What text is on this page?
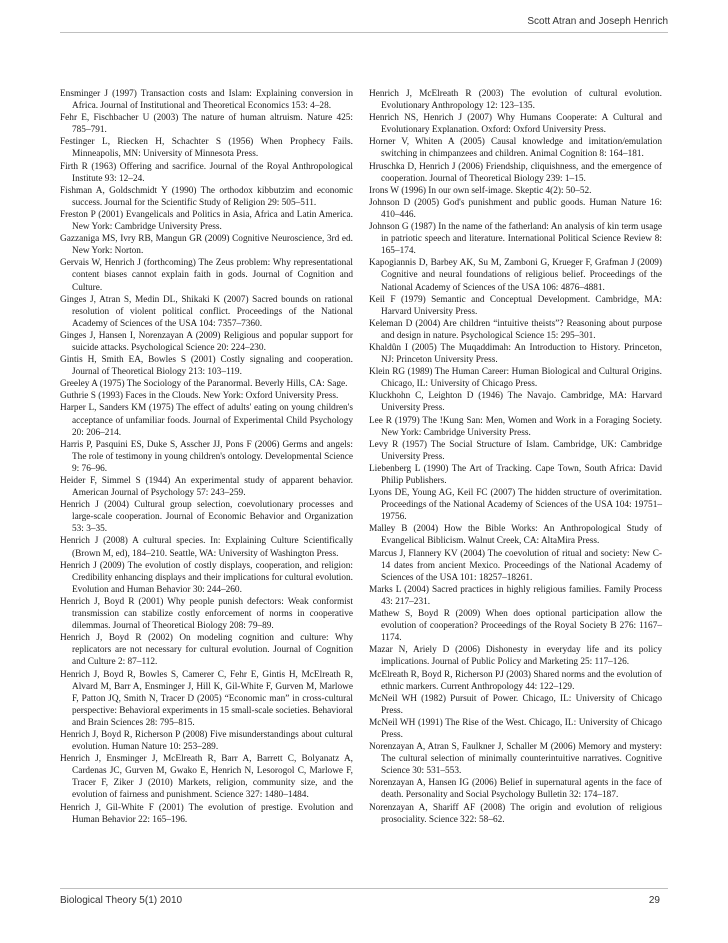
Scott Atran and Joseph Henrich
Ensminger J (1997) Transaction costs and Islam: Explaining conversion in Africa. Journal of Institutional and Theoretical Economics 153: 4–28.
Fehr E, Fischbacher U (2003) The nature of human altruism. Nature 425: 785–791.
Festinger L, Riecken H, Schachter S (1956) When Prophecy Fails. Minneapolis, MN: University of Minnesota Press.
Firth R (1963) Offering and sacrifice. Journal of the Royal Anthropological Institute 93: 12–24.
Fishman A, Goldschmidt Y (1990) The orthodox kibbutzim and economic success. Journal for the Scientific Study of Religion 29: 505–511.
Freston P (2001) Evangelicals and Politics in Asia, Africa and Latin America. New York: Cambridge University Press.
Gazzaniga MS, Ivry RB, Mangun GR (2009) Cognitive Neuroscience, 3rd ed. New York: Norton.
Gervais W, Henrich J (forthcoming) The Zeus problem: Why representational content biases cannot explain faith in gods. Journal of Cognition and Culture.
Ginges J, Atran S, Medin DL, Shikaki K (2007) Sacred bounds on rational resolution of violent political conflict. Proceedings of the National Academy of Sciences of the USA 104: 7357–7360.
Ginges J, Hansen I, Norenzayan A (2009) Religious and popular support for suicide attacks. Psychological Science 20: 224–230.
Gintis H, Smith EA, Bowles S (2001) Costly signaling and cooperation. Journal of Theoretical Biology 213: 103–119.
Greeley A (1975) The Sociology of the Paranormal. Beverly Hills, CA: Sage.
Guthrie S (1993) Faces in the Clouds. New York: Oxford University Press.
Harper L, Sanders KM (1975) The effect of adults' eating on young children's acceptance of unfamiliar foods. Journal of Experimental Child Psychology 20: 206–214.
Harris P, Pasquini ES, Duke S, Asscher JJ, Pons F (2006) Germs and angels: The role of testimony in young children's ontology. Developmental Science 9: 76–96.
Heider F, Simmel S (1944) An experimental study of apparent behavior. American Journal of Psychology 57: 243–259.
Henrich J (2004) Cultural group selection, coevolutionary processes and large-scale cooperation. Journal of Economic Behavior and Organization 53: 3–35.
Henrich J (2008) A cultural species. In: Explaining Culture Scientifically (Brown M, ed), 184–210. Seattle, WA: University of Washington Press.
Henrich J (2009) The evolution of costly displays, cooperation, and religion: Credibility enhancing displays and their implications for cultural evolution. Evolution and Human Behavior 30: 244–260.
Henrich J, Boyd R (2001) Why people punish defectors: Weak conformist transmission can stabilize costly enforcement of norms in cooperative dilemmas. Journal of Theoretical Biology 208: 79–89.
Henrich J, Boyd R (2002) On modeling cognition and culture: Why replicators are not necessary for cultural evolution. Journal of Cognition and Culture 2: 87–112.
Henrich J, Boyd R, Bowles S, Camerer C, Fehr E, Gintis H, McElreath R, Alvard M, Barr A, Ensminger J, Hill K, Gil-White F, Gurven M, Marlowe F, Patton JQ, Smith N, Tracer D (2005) “Economic man” in cross-cultural perspective: Behavioral experiments in 15 small-scale societies. Behavioral and Brain Sciences 28: 795–815.
Henrich J, Boyd R, Richerson P (2008) Five misunderstandings about cultural evolution. Human Nature 10: 253–289.
Henrich J, Ensminger J, McElreath R, Barr A, Barrett C, Bolyanatz A, Cardenas JC, Gurven M, Gwako E, Henrich N, Lesorogol C, Marlowe F, Tracer F, Ziker J (2010) Markets, religion, community size, and the evolution of fairness and punishment. Science 327: 1480–1484.
Henrich J, Gil-White F (2001) The evolution of prestige. Evolution and Human Behavior 22: 165–196.
Henrich J, McElreath R (2003) The evolution of cultural evolution. Evolutionary Anthropology 12: 123–135.
Henrich NS, Henrich J (2007) Why Humans Cooperate: A Cultural and Evolutionary Explanation. Oxford: Oxford University Press.
Horner V, Whiten A (2005) Causal knowledge and imitation/emulation switching in chimpanzees and children. Animal Cognition 8: 164–181.
Hruschka D, Henrich J (2006) Friendship, cliquishness, and the emergence of cooperation. Journal of Theoretical Biology 239: 1–15.
Irons W (1996) In our own self-image. Skeptic 4(2): 50–52.
Johnson D (2005) God's punishment and public goods. Human Nature 16: 410–446.
Johnson G (1987) In the name of the fatherland: An analysis of kin term usage in patriotic speech and literature. International Political Science Review 8: 165–174.
Kapogiannis D, Barbey AK, Su M, Zamboni G, Krueger F, Grafman J (2009) Cognitive and neural foundations of religious belief. Proceedings of the National Academy of Sciences of the USA 106: 4876–4881.
Keil F (1979) Semantic and Conceptual Development. Cambridge, MA: Harvard University Press.
Keleman D (2004) Are children “intuitive theists”? Reasoning about purpose and design in nature. Psychological Science 15: 295–301.
Khaldûn I (2005) The Muqaddimah: An Introduction to History. Princeton, NJ: Princeton University Press.
Klein RG (1989) The Human Career: Human Biological and Cultural Origins. Chicago, IL: University of Chicago Press.
Kluckhohn C, Leighton D (1946) The Navajo. Cambridge, MA: Harvard University Press.
Lee R (1979) The !Kung San: Men, Women and Work in a Foraging Society. New York: Cambridge University Press.
Levy R (1957) The Social Structure of Islam. Cambridge, UK: Cambridge University Press.
Liebenberg L (1990) The Art of Tracking. Cape Town, South Africa: David Philip Publishers.
Lyons DE, Young AG, Keil FC (2007) The hidden structure of overimitation. Proceedings of the National Academy of Sciences of the USA 104: 19751–19756.
Malley B (2004) How the Bible Works: An Anthropological Study of Evangelical Biblicism. Walnut Creek, CA: AltaMira Press.
Marcus J, Flannery KV (2004) The coevolution of ritual and society: New C-14 dates from ancient Mexico. Proceedings of the National Academy of Sciences of the USA 101: 18257–18261.
Marks L (2004) Sacred practices in highly religious families. Family Process 43: 217–231.
Mathew S, Boyd R (2009) When does optional participation allow the evolution of cooperation? Proceedings of the Royal Society B 276: 1167–1174.
Mazar N, Ariely D (2006) Dishonesty in everyday life and its policy implications. Journal of Public Policy and Marketing 25: 117–126.
McElreath R, Boyd R, Richerson PJ (2003) Shared norms and the evolution of ethnic markers. Current Anthropology 44: 122–129.
McNeil WH (1982) Pursuit of Power. Chicago, IL: University of Chicago Press.
McNeil WH (1991) The Rise of the West. Chicago, IL: University of Chicago Press.
Norenzayan A, Atran S, Faulkner J, Schaller M (2006) Memory and mystery: The cultural selection of minimally counterintuitive narratives. Cognitive Science 30: 531–553.
Norenzayan A, Hansen IG (2006) Belief in supernatural agents in the face of death. Personality and Social Psychology Bulletin 32: 174–187.
Norenzayan A, Shariff AF (2008) The origin and evolution of religious prosociality. Science 322: 58–62.
Biological Theory 5(1) 2010	29
